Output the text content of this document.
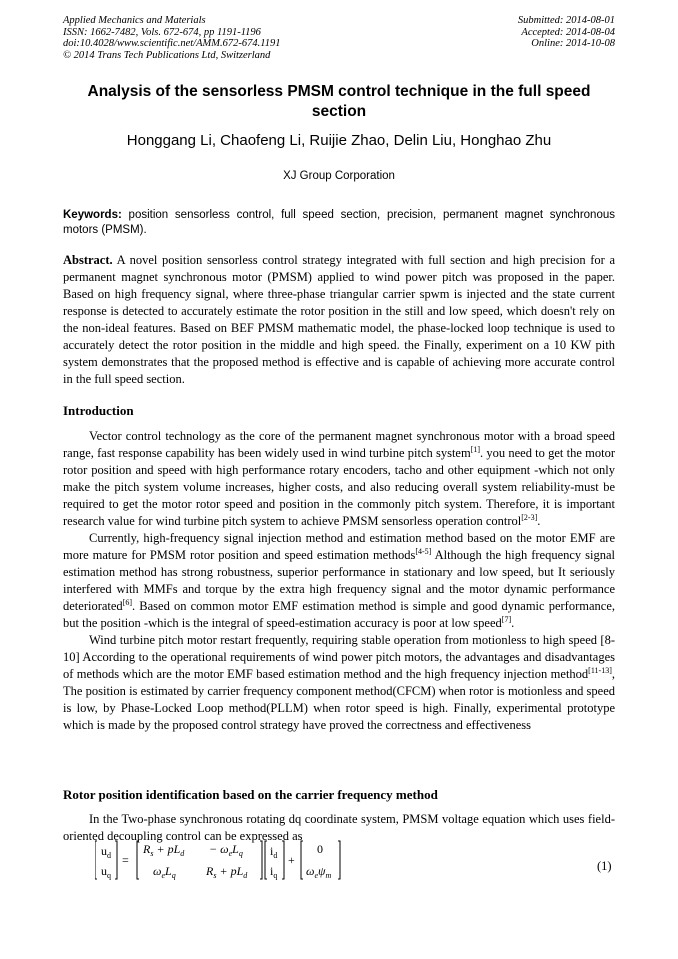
Applied Mechanics and Materials
ISSN: 1662-7482, Vols. 672-674, pp 1191-1196
doi:10.4028/www.scientific.net/AMM.672-674.1191
© 2014 Trans Tech Publications Ltd, Switzerland
Submitted: 2014-08-01
Accepted: 2014-08-04
Online: 2014-10-08
Analysis of the sensorless PMSM control technique in the full speed section
Honggang Li, Chaofeng Li, Ruijie Zhao, Delin Liu, Honghao Zhu
XJ Group Corporation
Keywords: position sensorless control, full speed section, precision, permanent magnet synchronous motors (PMSM).
Abstract. A novel position sensorless control strategy integrated with full section and high precision for a permanent magnet synchronous motor (PMSM) applied to wind power pitch was proposed in the paper. Based on high frequency signal, where three-phase triangular carrier spwm is injected and the state current response is detected to accurately estimate the rotor position in the still and low speed, which doesn't rely on the non-ideal features. Based on BEF PMSM mathematic model, the phase-locked loop technique is used to accurately detect the rotor position in the middle and high speed. the Finally, experiment on a 10 KW pith system demonstrates that the proposed method is effective and is capable of achieving more accurate control in the full speed section.
Introduction

Vector control technology as the core of the permanent magnet synchronous motor with a broad speed range, fast response capability has been widely used in wind turbine pitch system[1]. you need to get the motor rotor position and speed with high performance rotary encoders, tacho and other equipment -which not only make the pitch system volume increases, higher costs, and also reducing overall system reliability-must be required to get the motor rotor speed and position in the commonly pitch system. Therefore, it is important research value for wind turbine pitch system to achieve PMSM sensorless operation control[2-3].

Currently, high-frequency signal injection method and estimation method based on the motor EMF are more mature for PMSM rotor position and speed estimation methods[4-5] Although the high frequency signal estimation method has strong robustness, superior performance in stationary and low speed, but It seriously interfered with MMFs and torque by the extra high frequency signal and the motor dynamic performance deteriorated[6]. Based on common motor EMF estimation method is simple and good dynamic performance, but the position -which is the integral of speed-estimation accuracy is poor at low speed[7].

Wind turbine pitch motor restart frequently, requiring stable operation from motionless to high speed [8-10] According to the operational requirements of wind power pitch motors, the advantages and disadvantages of methods which are the motor EMF based estimation method and the high frequency injection method[11-13], The position is estimated by carrier frequency component method(CFCM) when rotor is motionless and speed is low, by Phase-Locked Loop method(PLLM) when rotor speed is high. Finally, experimental prototype which is made by the proposed control strategy have proved the correctness and effectiveness

Rotor position identification based on the carrier frequency method

In the Two-phase synchronous rotating dq coordinate system, PMSM voltage equation which uses field-oriented decoupling control can be expressed as

$u_d$
$u_q$
=
$R_s + pL_d - \omega_eL_q$
$\omega_eL_q$	$R_s + pL_d$
$i_d$
$i_q$
+
0
$\omega_e\psi_m$
(1)
